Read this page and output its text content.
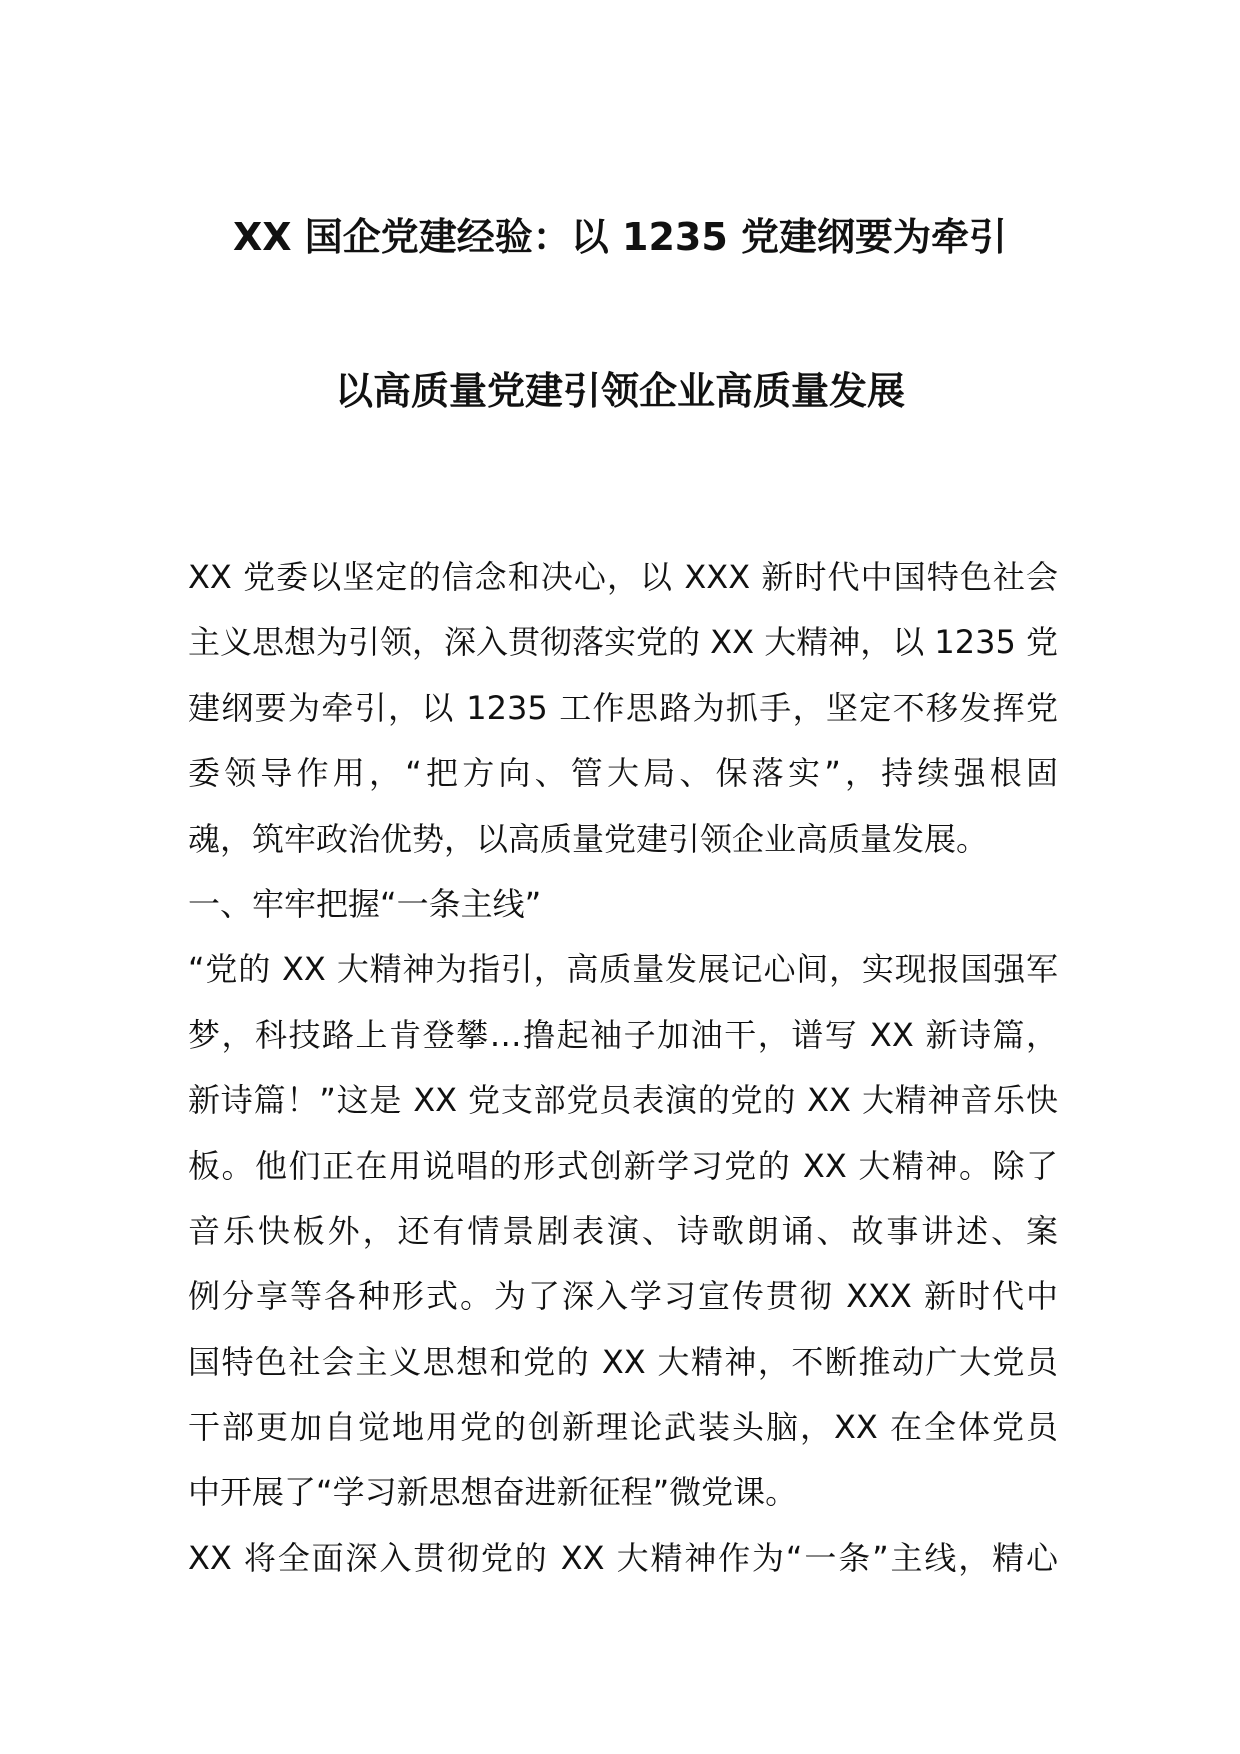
XX 国企党建经验：以 1235 党建纲要为牵引
以高质量党建引领企业高质量发展
XX 党委以坚定的信念和决心，以 XXX 新时代中国特色社会
主义思想为引领，深入贯彻落实党的 XX 大精神，以 1235 党
建纲要为牵引，以 1235 工作思路为抓手，坚定不移发挥党
委领导作用，“把方向、管大局、保落实”，持续强根固
魂，筑牢政治优势，以高质量党建引领企业高质量发展。
一、牢牢把握“一条主线”
“党的 XX 大精神为指引，高质量发展记心间，实现报国强军
梦，科技路上肯登攀…撸起袖子加油干，谱写 XX 新诗篇，
新诗篇！”这是 XX 党支部党员表演的党的 XX 大精神音乐快
板。他们正在用说唱的形式创新学习党的 XX 大精神。除了
音乐快板外，还有情景剧表演、诗歌朗诵、故事讲述、案
例分享等各种形式。为了深入学习宣传贯彻 XXX 新时代中
国特色社会主义思想和党的 XX 大精神，不断推动广大党员
干部更加自觉地用党的创新理论武装头脑，XX 在全体党员
中开展了“学习新思想奋进新征程”微党课。
XX 将全面深入贯彻党的 XX 大精神作为“一条”主线，精心
